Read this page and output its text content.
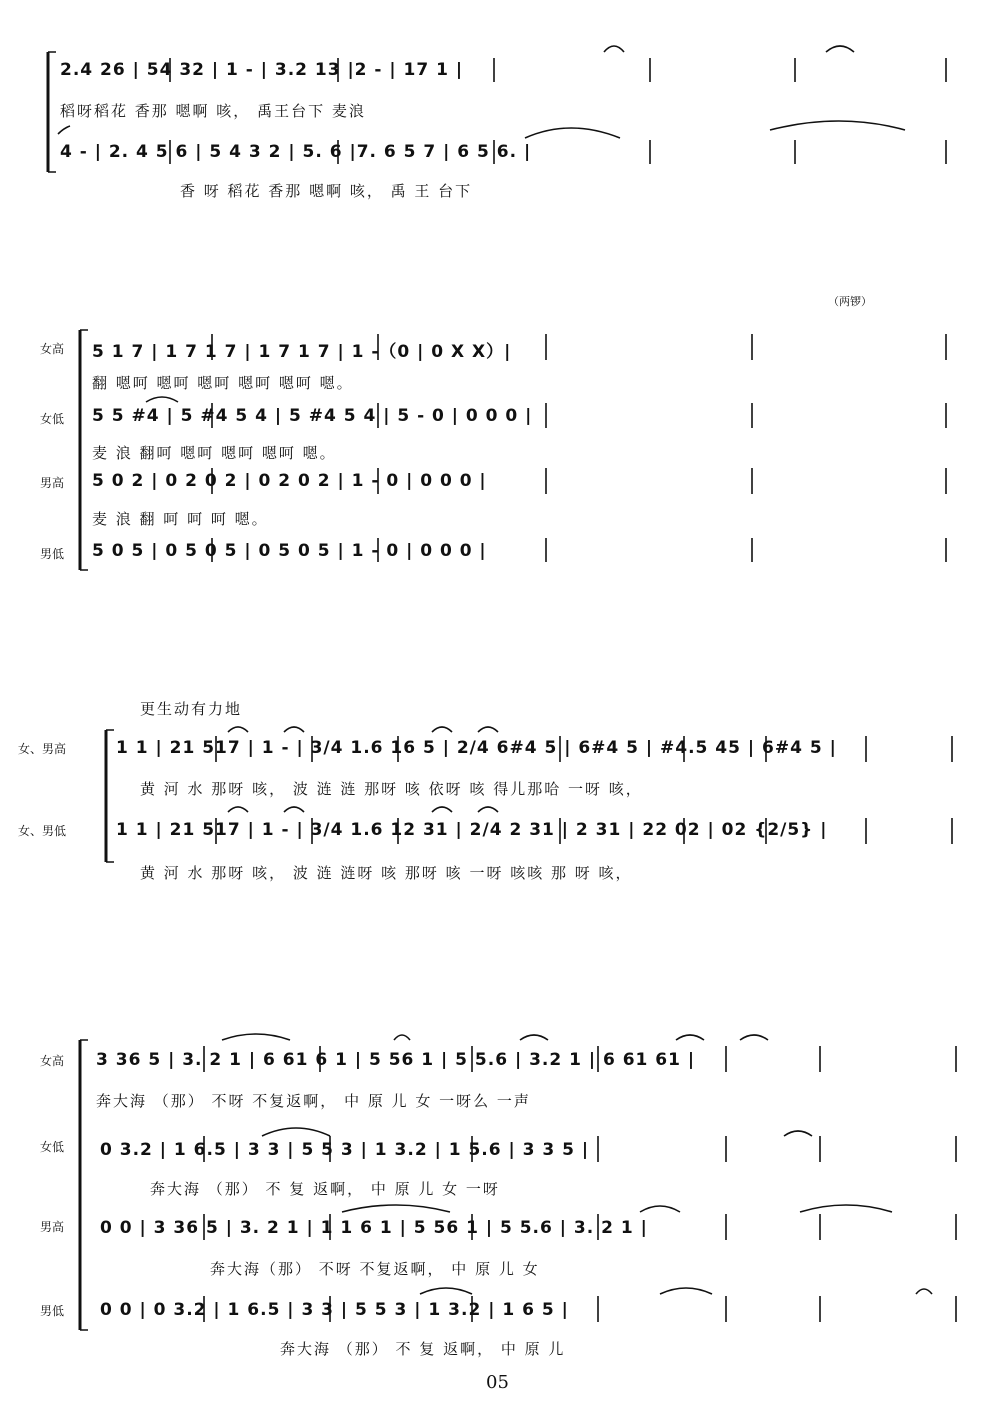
2.4 26 | 54 32 | 1 - | 3.2 13 |2 - | 17 1 |
稻呀稻花 香那 嗯啊 咳， 禹王台下 麦浪
4 - | 2. 4 5 6 | 5 4 3 2 | 5. 6 |7. 6 5 7 | 6 5 6. |
香 呀 稻花 香那 嗯啊 咳， 禹 王 台下
（两锣）
女高 5 1 7 | 1 7 1 7 | 1 7 1 7 | 1 -（0 | 0 X X）|
翻 嗯呵 嗯呵 嗯呵 嗯呵 嗯呵 嗯。
女低 5 5 #4 | 5 #4 5 4 | 5 #4 5 4 | 5 - 0 | 0 0 0 |
麦 浪 翻呵 嗯呵 嗯呵 嗯呵 嗯。
男高 5 0 2 | 0 2 0 2 | 0 2 0 2 | 1 - 0 | 0 0 0 |
麦 浪 翻 呵 呵 呵 嗯。
男低 5 0 5 | 0 5 0 5 | 0 5 0 5 | 1 - 0 | 0 0 0 |
更生动有力地
女、男高	1 1 | 21 517 | 1 - | 3/4 1.6 16 5 | 2/4 6#4 5 | 6#4 5 | #4.5 45 | 6#4 5 |
黄 河 水 那呀 咳， 波 涟 涟 那呀 咳 依呀 咳 得儿那哈 一呀 咳，
女、男低	1 1 | 21 517 | 1 - | 3/4 1.6 12 31 | 2/4 2 31 | 2 31 | 22 02 | 02 {2/5} |
黄 河 水 那呀 咳， 波 涟 涟呀 咳 那呀 咳 一呀 咳咳 那 呀 咳，
女高 3 36 5 | 3. 2 1 | 6 61 6 1 | 5 56 1 | 5 5.6 | 3.2 1 | 6 61 61 |
奔大海 （那） 不呀 不复返啊， 中 原 儿 女 一呀么 一声
女低 0 3.2 | 1 6.5 | 3 3 | 5 5 3 | 1 3.2 | 1 5.6 | 3 3 5 |
奔大海 （那） 不 复 返啊， 中 原 儿 女 一呀
男高 0 0 | 3 36 5 | 3. 2 1 | 1 1 6 1 | 5 56 1 | 5 5.6 | 3. 2 1 |
奔大海（那） 不呀 不复返啊， 中 原 儿 女
男低 0 0 | 0 3.2 | 1 6.5 | 3 3 | 5 5 3 | 1 3.2 | 1 6 5 |
奔大海 （那） 不 复 返啊， 中 原 儿
05
